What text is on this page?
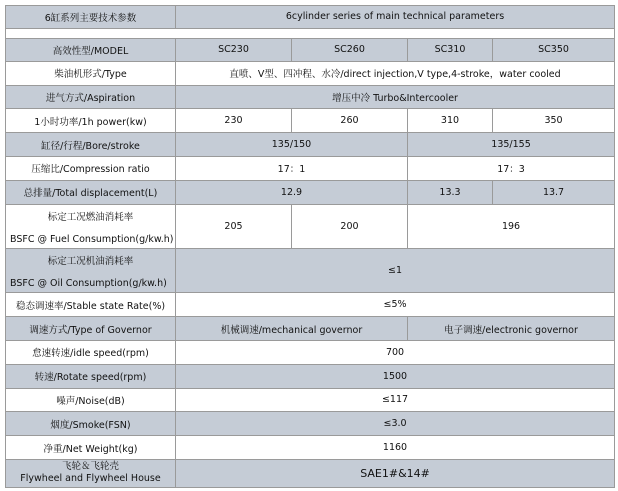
6缸系列主要技术参数	6cylinder series of main technical parameters			

高效性型/MODEL	SC230	SC260	SC310	SC350
柴油机形式/Type	直喷、V型、四冲程、水冷/direct injection,V type,4-stroke，water cooled			
进气方式/Aspiration	增压中冷 Turbo&Intercooler			
1小时功率/1h power(kw)	230	260	310	350
缸径/行程/Bore/stroke	135/150		135/155	
压缩比/Compression ratio	17：1		17：3	
总排量/Total displacement(L)	12.9		13.3	13.7

标定工况燃油消耗率
BSFC @ Fuel Consumption(g/kw.h)	205	200	196	

标定工况机油消耗率
BSFC @ Oil Consumption(g/kw.h)	≤1			
稳态调速率/Stable state Rate(%)	≤5%			
调速方式/Type of Governor	机械调速/mechanical governor		电子调速/electronic governor	
怠速转速/idle speed(rpm)	700			
转速/Rotate speed(rpm)	1500			
噪声/Noise(dB)	≤117			
烟度/Smoke(FSN)	≤3.0			
净重/Net Weight(kg)	1160			

飞轮＆飞轮壳
Flywheel and Flywheel House	SAE1#&14#			
